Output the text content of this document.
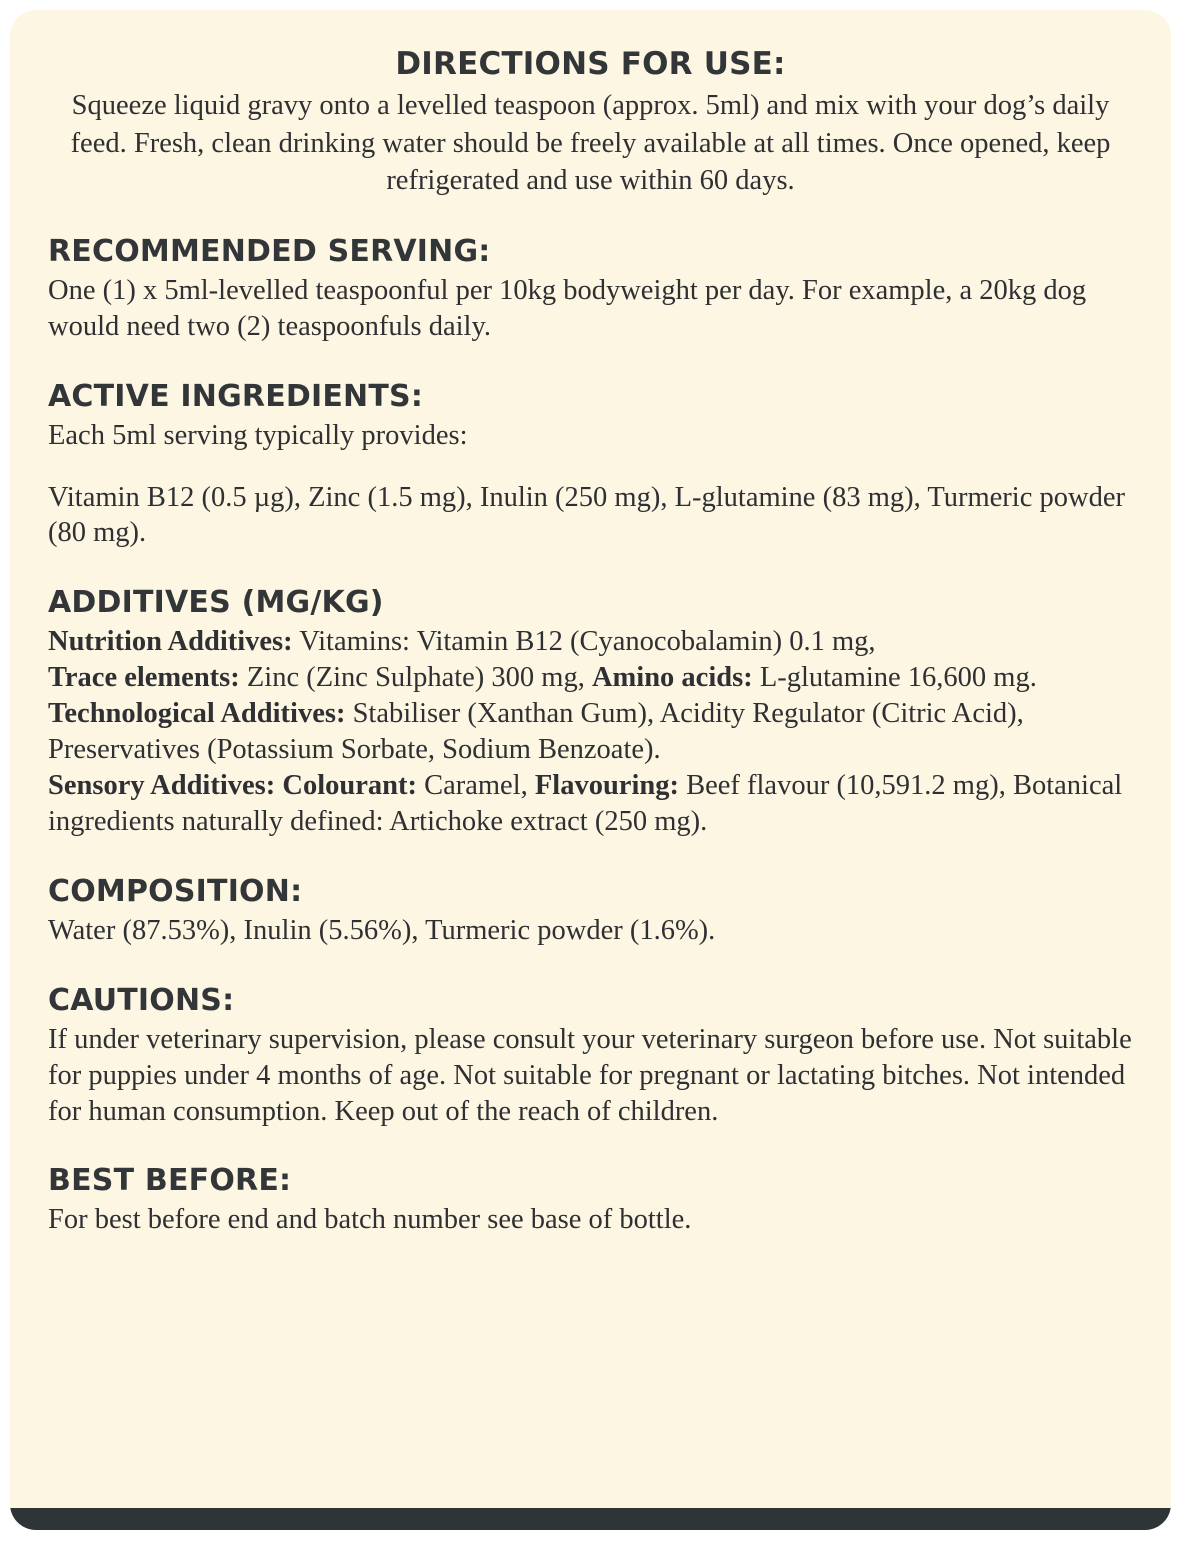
DIRECTIONS FOR USE:

Squeeze liquid gravy onto a levelled teaspoon (approx. 5ml) and mix with your dog’s daily feed. Fresh, clean drinking water should be freely available at all times. Once opened, keep refrigerated and use within 60 days.

RECOMMENDED SERVING:

One (1) x 5ml-levelled teaspoonful per 10kg bodyweight per day. For example, a 20kg dog would need two (2) teaspoonfuls daily.

ACTIVE INGREDIENTS:

Each 5ml serving typically provides:

Vitamin B12 (0.5 µg), Zinc (1.5 mg), Inulin (250 mg), L-glutamine (83 mg), Turmeric powder (80 mg).

ADDITIVES (MG/KG)

Nutrition Additives: Vitamins: Vitamin B12 (Cyanocobalamin) 0.1 mg,

Trace elements: Zinc (Zinc Sulphate) 300 mg, Amino acids: L-glutamine 16,600 mg.

Technological Additives: Stabiliser (Xanthan Gum), Acidity Regulator (Citric Acid), Preservatives (Potassium Sorbate, Sodium Benzoate).

Sensory Additives: Colourant: Caramel, Flavouring: Beef flavour (10,591.2 mg), Botanical ingredients naturally defined: Artichoke extract (250 mg).

COMPOSITION:

Water (87.53%), Inulin (5.56%), Turmeric powder (1.6%).

CAUTIONS:

If under veterinary supervision, please consult your veterinary surgeon before use. Not suitable for puppies under 4 months of age. Not suitable for pregnant or lactating bitches. Not intended for human consumption. Keep out of the reach of children.

BEST BEFORE:

For best before end and batch number see base of bottle.
